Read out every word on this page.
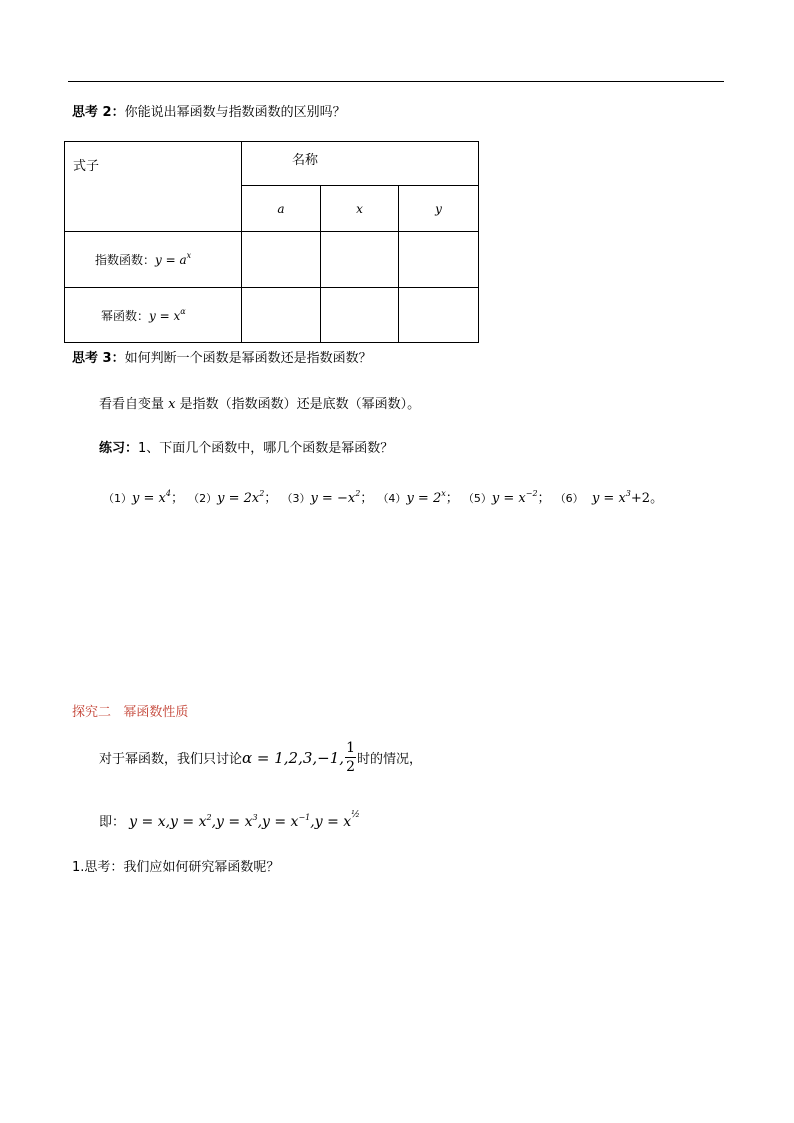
思考 2：你能说出幂函数与指数函数的区别吗？
式子	名称		
	a	x	y
指数函数：$y = a^x$			
幂函数：$y = x^\alpha$			
思考 3：如何判断一个函数是幂函数还是指数函数？
看看自变量 x 是指数（指数函数）还是底数（幂函数）。
练习：1、下面几个函数中，哪几个函数是幂函数？
$(1)y = x^4$； $(2)y = 2x^2$； $(3)y = -x^2$； $(4)y = 2^x$； $(5)y = x^{-2}$； （6） $y = x^3+2$。
探究二 幂函数性质
对于幂函数，我们只讨论 α = 1,2,3,−1, $\frac{1}{2}$ 时的情况，
即： $y = x,y = x^2,y = x^3,y = x^{-1},y = x^{\frac{1}{2}}$
1.思考：我们应如何研究幂函数呢？
